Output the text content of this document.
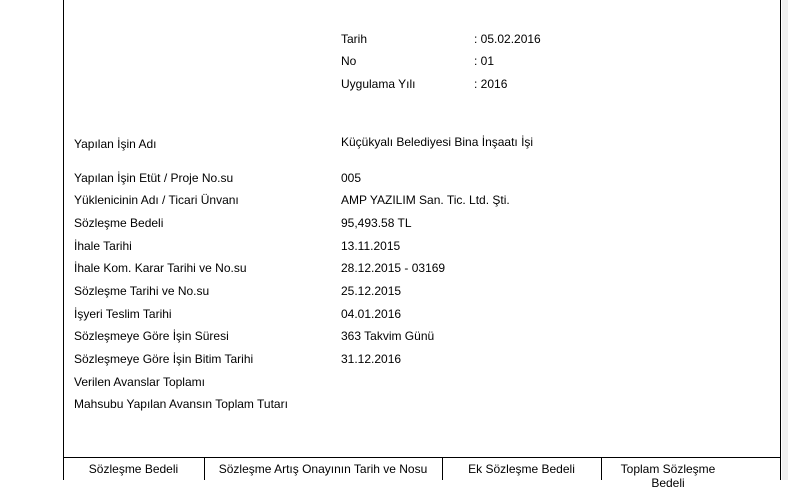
Tarih	: 05.02.2016
No	: 01
Uygulama Yılı	: 2016
Yapılan İşin Adı	Küçükyalı Belediyesi Bina İnşaatı İşi
Yapılan İşin Etüt / Proje No.su	005
Yüklenicinin Adı / Ticari Ünvanı	AMP YAZILIM San. Tic. Ltd. Şti.
Sözleşme Bedeli	95,493.58 TL
İhale Tarihi	13.11.2015
İhale Kom. Karar Tarihi ve No.su	28.12.2015 - 03169
Sözleşme Tarihi ve No.su	25.12.2015
İşyeri Teslim Tarihi	04.01.2016
Sözleşmeye Göre İşin Süresi	363 Takvim Günü
Sözleşmeye Göre İşin Bitim Tarihi	31.12.2016
Verilen Avanslar Toplamı
Mahsubu Yapılan Avansın Toplam Tutarı
Sözleşme Bedeli	Sözleşme Artış Onayının Tarih ve Nosu	Ek Sözleşme Bedeli	Toplam Sözleşme Bedeli
